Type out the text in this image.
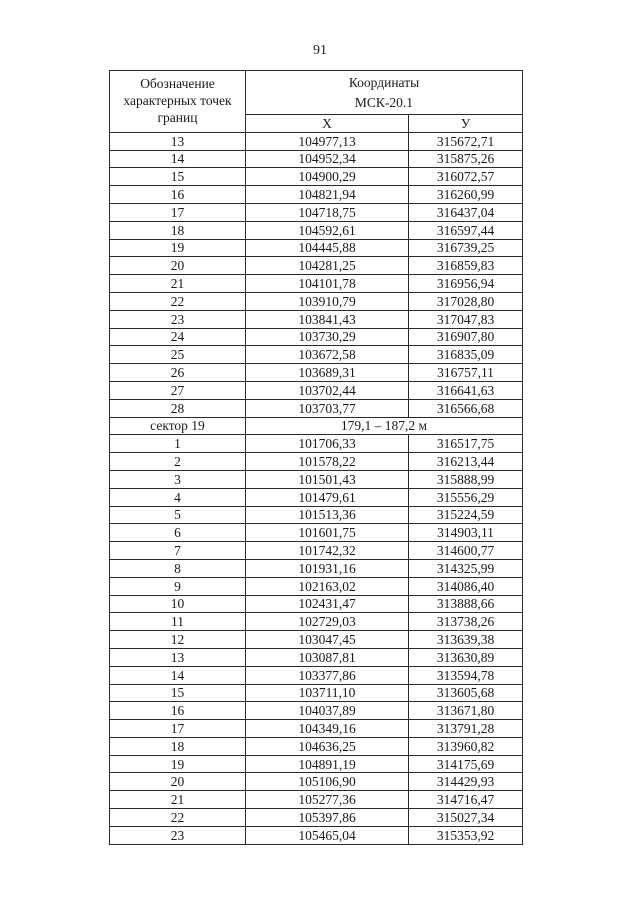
91
Обозначение характерных точек границ	Координаты
МСК-20.1	
	Х	У
13	104977,13	315672,71
14	104952,34	315875,26
15	104900,29	316072,57
16	104821,94	316260,99
17	104718,75	316437,04
18	104592,61	316597,44
19	104445,88	316739,25
20	104281,25	316859,83
21	104101,78	316956,94
22	103910,79	317028,80
23	103841,43	317047,83
24	103730,29	316907,80
25	103672,58	316835,09
26	103689,31	316757,11
27	103702,44	316641,63
28	103703,77	316566,68
сектор 19	179,1 – 187,2 м	
1	101706,33	316517,75
2	101578,22	316213,44
3	101501,43	315888,99
4	101479,61	315556,29
5	101513,36	315224,59
6	101601,75	314903,11
7	101742,32	314600,77
8	101931,16	314325,99
9	102163,02	314086,40
10	102431,47	313888,66
11	102729,03	313738,26
12	103047,45	313639,38
13	103087,81	313630,89
14	103377,86	313594,78
15	103711,10	313605,68
16	104037,89	313671,80
17	104349,16	313791,28
18	104636,25	313960,82
19	104891,19	314175,69
20	105106,90	314429,93
21	105277,36	314716,47
22	105397,86	315027,34
23	105465,04	315353,92
